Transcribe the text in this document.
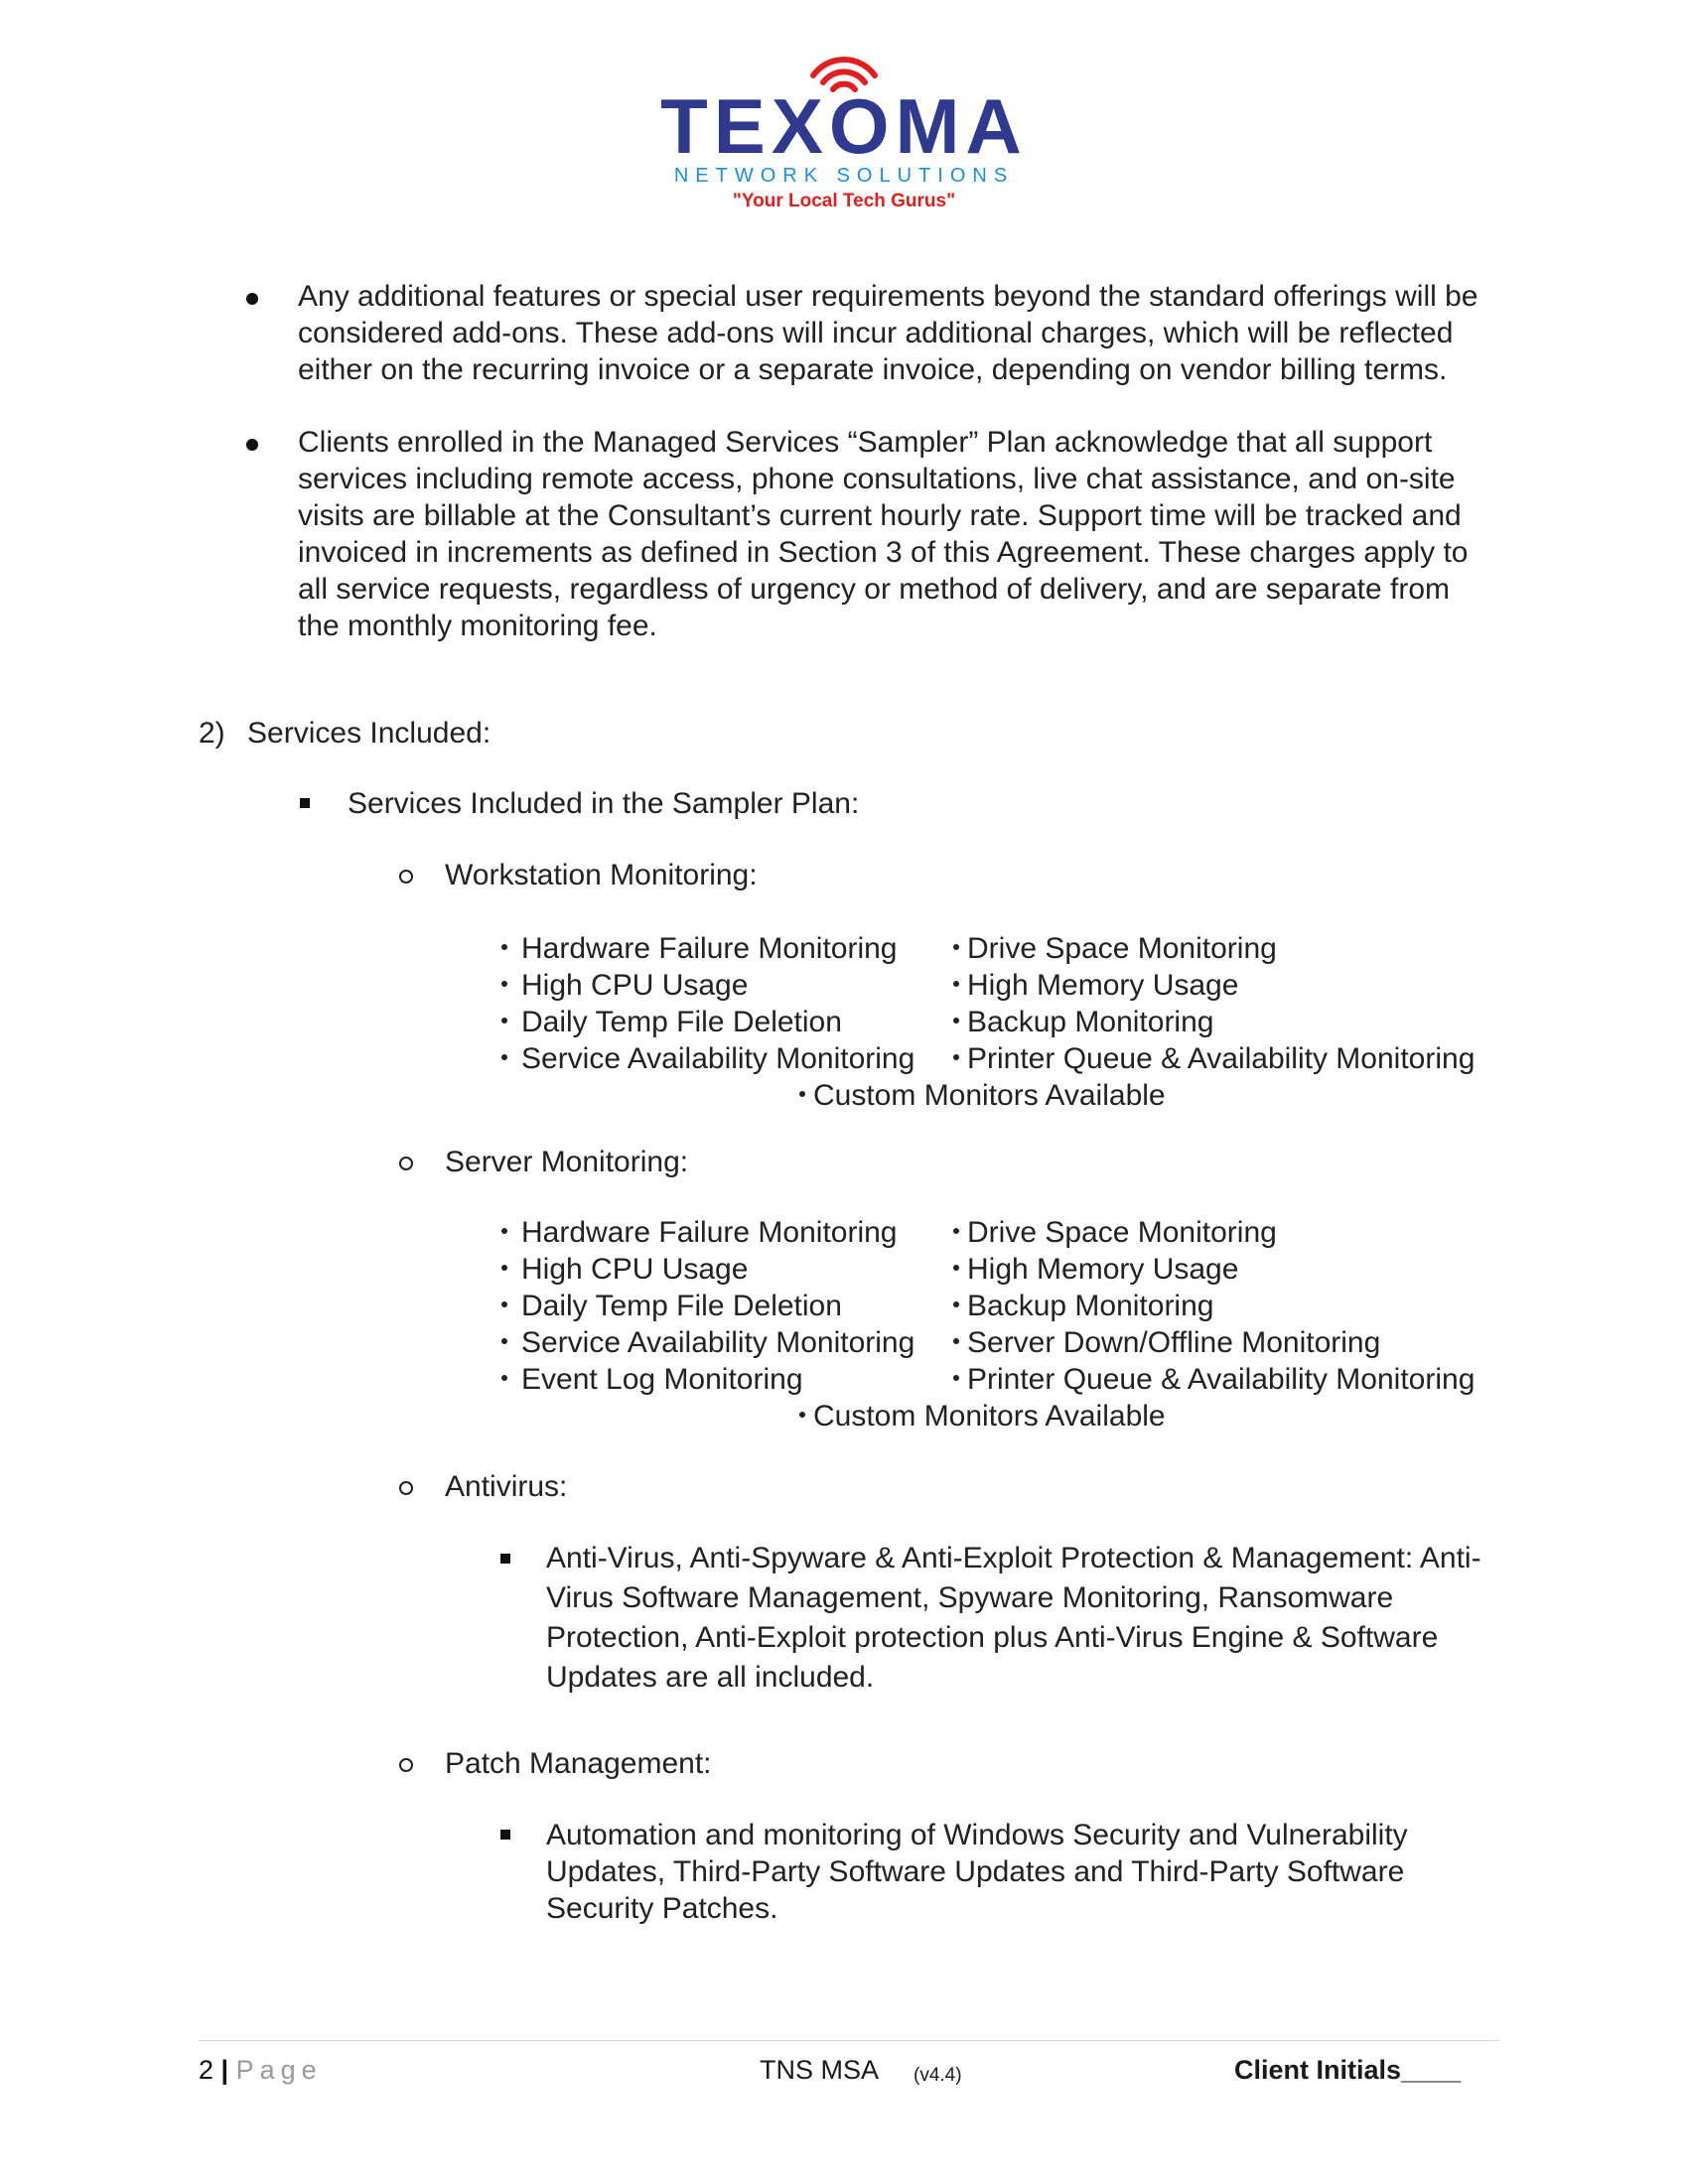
TEXOMA
NETWORK SOLUTIONS
"Your Local Tech Gurus"
Any additional features or special user requirements beyond the standard offerings will be considered add-ons. These add-ons will incur additional charges, which will be reflected either on the recurring invoice or a separate invoice, depending on vendor billing terms.
Clients enrolled in the Managed Services “Sampler” Plan acknowledge that all support services including remote access, phone consultations, live chat assistance, and on-site visits are billable at the Consultant’s current hourly rate. Support time will be tracked and invoiced in increments as defined in Section 3 of this Agreement. These charges apply to all service requests, regardless of urgency or method of delivery, and are separate from the monthly monitoring fee.
2) Services Included:
Services Included in the Sampler Plan:
Workstation Monitoring:
Hardware Failure Monitoring	Drive Space Monitoring
High CPU Usage	High Memory Usage
Daily Temp File Deletion	Backup Monitoring
Service Availability Monitoring	Printer Queue & Availability Monitoring
Custom Monitors Available
Server Monitoring:
Hardware Failure Monitoring	Drive Space Monitoring
High CPU Usage	High Memory Usage
Daily Temp File Deletion	Backup Monitoring
Service Availability Monitoring	Server Down/Offline Monitoring
Event Log Monitoring	Printer Queue & Availability Monitoring
Custom Monitors Available
Antivirus:
Anti-Virus, Anti-Spyware & Anti-Exploit Protection & Management: Anti-Virus Software Management, Spyware Monitoring, Ransomware Protection, Anti-Exploit protection plus Anti-Virus Engine & Software Updates are all included.
Patch Management:
Automation and monitoring of Windows Security and Vulnerability Updates, Third-Party Software Updates and Third-Party Software Security Patches.
2 | Page	TNS MSA (v4.4)	Client Initials____
